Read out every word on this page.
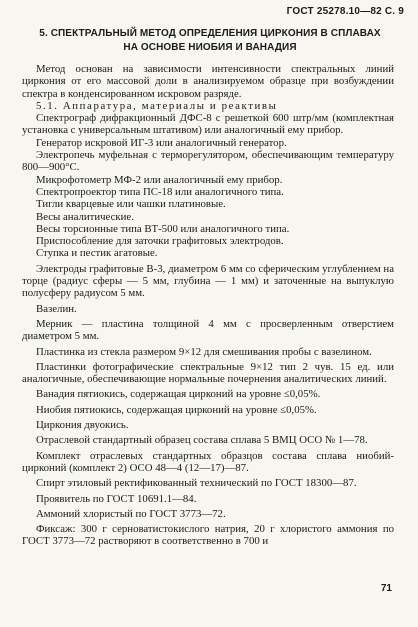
ГОСТ 25278.10—82 С. 9
5. СПЕКТРАЛЬНЫЙ МЕТОД ОПРЕДЕЛЕНИЯ ЦИРКОНИЯ В СПЛАВАХ
НА ОСНОВЕ НИОБИЯ И ВАНАДИЯ

Метод основан на зависимости интенсивности спектральных линий циркония от его массовой доли в анализируемом образце при возбуждении спектра в конденсированном искровом разряде.

5.1. Аппаратура, материалы и реактивы

Спектрограф дифракционный ДФС-8 с решеткой 600 штр/мм (комплектная установка с универсальным штативом) или аналогичный ему прибор.

Генератор искровой ИГ-3 или аналогичный генератор.

Электропечь муфельная с терморегулятором, обеспечивающим температуру 800—900°С.

Микрофотометр МФ-2 или аналогичный ему прибор.

Спектропроектор типа ПС-18 или аналогичного типа.

Тигли кварцевые или чашки платиновые.

Весы аналитические.

Весы торсионные типа ВТ-500 или аналогичного типа.

Приспособление для заточки графитовых электродов.

Ступка и пестик агатовые.

Электроды графитовые В-3, диаметром 6 мм со сферическим углублением на торце (радиус сферы — 5 мм, глубина — 1 мм) и заточенные на выпуклую полусферу радиусом 5 мм.

Вазелин.

Мерник — пластина толщиной 4 мм с просверленным отверстием диаметром 5 мм.

Пластинка из стекла размером 9×12 для смешивания пробы с вазелином.

Пластинки фотографические спектральные 9×12 тип 2 чув. 15 ед. или аналогичные, обеспечивающие нормальные почернения аналитических линий.

Ванадия пятиокись, содержащая цирконий на уровне ≤0,05%.

Ниобия пятиокись, содержащая цирконий на уровне ≤0,05%.

Циркония двуокись.

Отраслевой стандартный образец состава сплава 5 ВМЦ ОСО № 1—78.

Комплект отраслевых стандартных образцов состава сплава ниобий-цирконий (комплект 2) ОСО 48—4 (12—17)—87.

Спирт этиловый ректификованный технический по ГОСТ 18300—87.

Проявитель по ГОСТ 10691.1—84.

Аммоний хлористый по ГОСТ 3773—72.

Фиксаж: 300 г серноватистокислого натрия, 20 г хлористого аммония по ГОСТ 3773—72 растворяют в соответственно в 700 и

71
